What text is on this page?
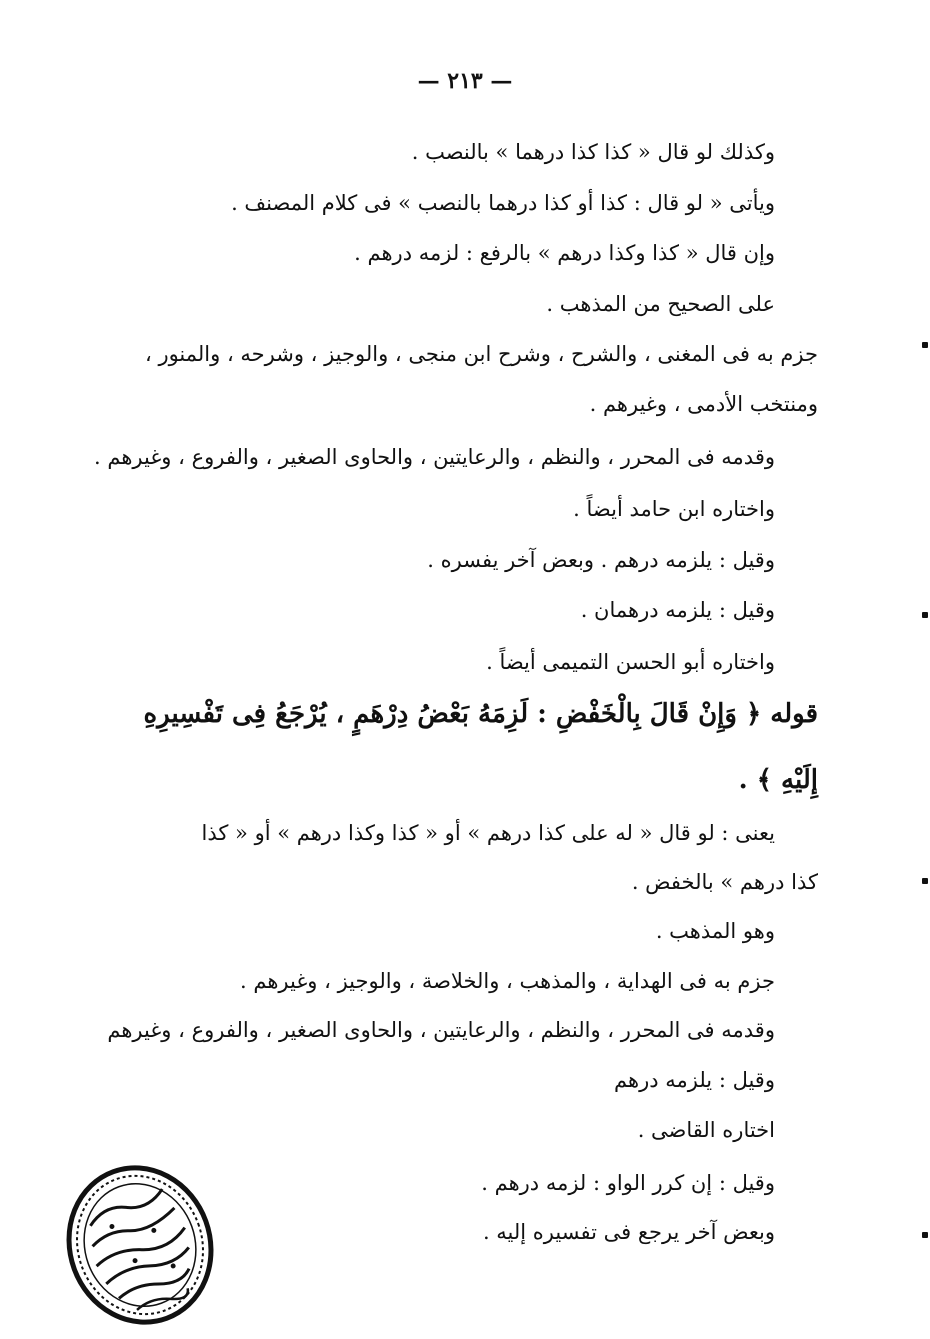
— ٢١٣ —
وكذلك لو قال « كذا كذا درهما » بالنصب .
ويأتى « لو قال : كذا أو كذا درهما بالنصب » فى كلام المصنف .
وإن قال « كذا وكذا درهم » بالرفع : لزمه درهم .
على الصحيح من المذهب .
جزم به فى المغنى ، والشرح ، وشرح ابن منجى ، والوجيز ، وشرحه ، والمنور ،
ومنتخب الأدمى ، وغيرهم .
وقدمه فى المحرر ، والنظم ، والرعايتين ، والحاوى الصغير ، والفروع ، وغيرهم .
واختاره ابن حامد أيضاً .
وقيل : يلزمه درهم . وبعض آخر يفسره .
وقيل : يلزمه درهمان .
واختاره أبو الحسن التميمى أيضاً .
قوله ﴿ وَإِنْ قَالَ بِالْخَفْضِ : لَزِمَهُ بَعْضُ دِرْهَمٍ ، يُرْجَعُ فِى تَفْسِيرِهِ
إِلَيْهِ ﴾ .
يعنى : لو قال « له على كذا درهم » أو « كذا وكذا درهم » أو « كذا
كذا درهم » بالخفض .
وهو المذهب .
جزم به فى الهداية ، والمذهب ، والخلاصة ، والوجيز ، وغيرهم .
وقدمه فى المحرر ، والنظم ، والرعايتين ، والحاوى الصغير ، والفروع ، وغيرهم
وقيل : يلزمه درهم
اختاره القاضى .
وقيل : إن كرر الواو : لزمه درهم .
وبعض آخر يرجع فى تفسيره إليه .
